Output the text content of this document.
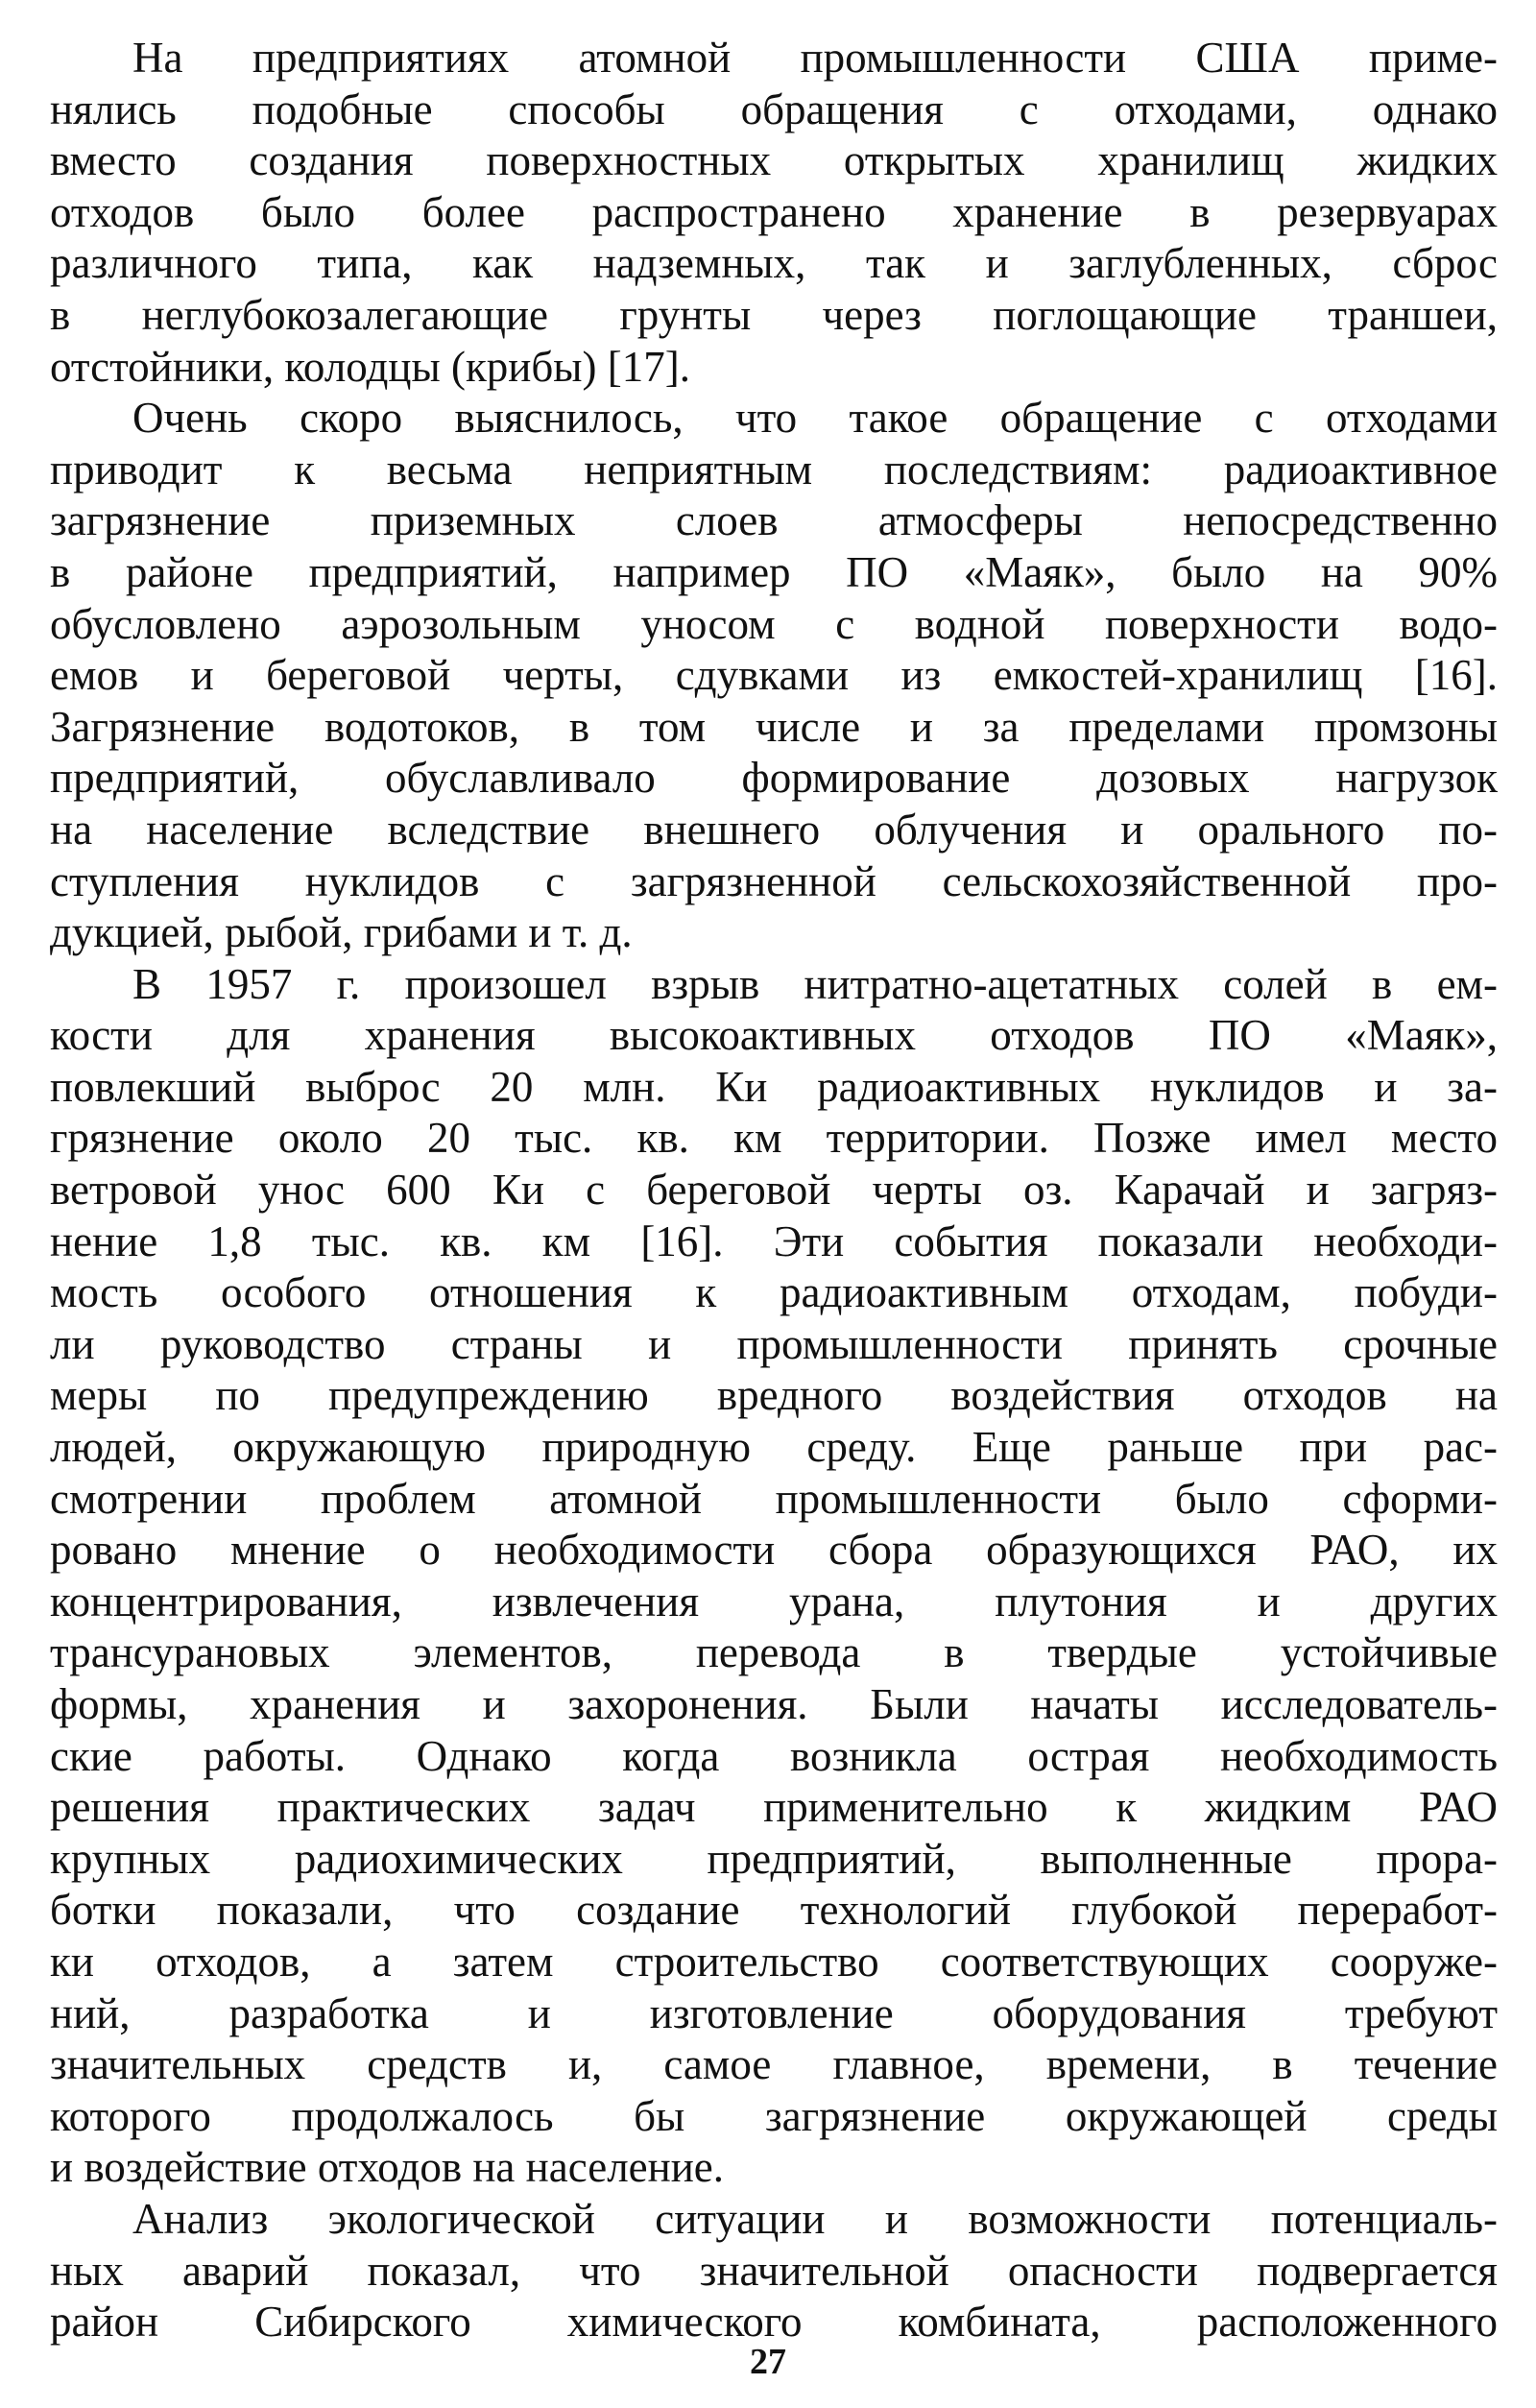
На предприятиях атомной промышленности США приме-
нялись подобные способы обращения с отходами, однако
вместо создания поверхностных открытых хранилищ жидких
отходов было более распространено хранение в резервуарах
различного типа, как надземных, так и заглубленных, сброс
в неглубокозалегающие грунты через поглощающие траншеи,
отстойники, колодцы (крибы) [17].
Очень скоро выяснилось, что такое обращение с отходами
приводит к весьма неприятным последствиям: радиоактивное
загрязнение приземных слоев атмосферы непосредственно
в районе предприятий, например ПО «Маяк», было на 90%
обусловлено аэрозольным уносом с водной поверхности водо-
емов и береговой черты, сдувками из емкостей-хранилищ [16].
Загрязнение водотоков, в том числе и за пределами промзоны
предприятий, обуславливало формирование дозовых нагрузок
на население вследствие внешнего облучения и орального по-
ступления нуклидов с загрязненной сельскохозяйственной про-
дукцией, рыбой, грибами и т. д.
В 1957 г. произошел взрыв нитратно-ацетатных солей в ем-
кости для хранения высокоактивных отходов ПО «Маяк»,
повлекший выброс 20 млн. Ки радиоактивных нуклидов и за-
грязнение около 20 тыс. кв. км территории. Позже имел место
ветровой унос 600 Ки с береговой черты оз. Карачай и загряз-
нение 1,8 тыс. кв. км [16]. Эти события показали необходи-
мость особого отношения к радиоактивным отходам, побуди-
ли руководство страны и промышленности принять срочные
меры по предупреждению вредного воздействия отходов на
людей, окружающую природную среду. Еще раньше при рас-
смотрении проблем атомной промышленности было сформи-
ровано мнение о необходимости сбора образующихся РАО, их
концентрирования, извлечения урана, плутония и других
трансурановых элементов, перевода в твердые устойчивые
формы, хранения и захоронения. Были начаты исследователь-
ские работы. Однако когда возникла острая необходимость
решения практических задач применительно к жидким РАО
крупных радиохимических предприятий, выполненные прора-
ботки показали, что создание технологий глубокой переработ-
ки отходов, а затем строительство соответствующих сооруже-
ний, разработка и изготовление оборудования требуют
значительных средств и, самое главное, времени, в течение
которого продолжалось бы загрязнение окружающей среды
и воздействие отходов на население.
Анализ экологической ситуации и возможности потенциаль-
ных аварий показал, что значительной опасности подвергается
район Сибирского химического комбината, расположенного
27
